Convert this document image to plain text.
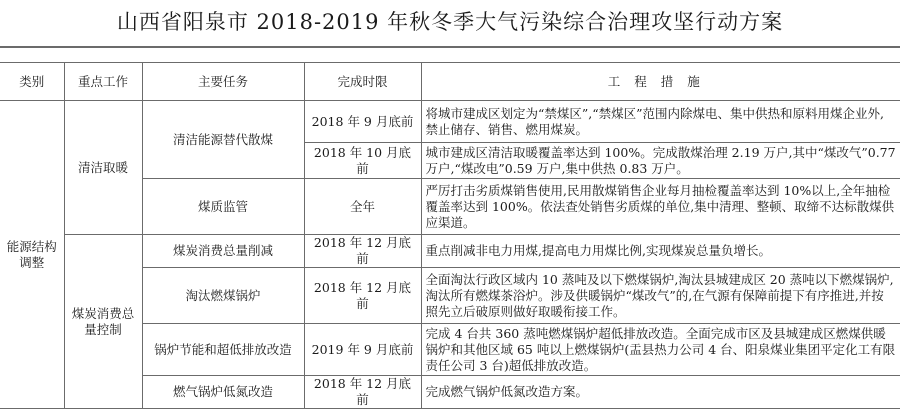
山西省阳泉市 2018-2019 年秋冬季大气污染综合治理攻坚行动方案
类别	重点工作	主要任务	完成时限	工程措施
能源结构调整	清洁取暖	清洁能源替代散煤	2018 年 9 月底前	将城市建成区划定为“禁煤区”,“禁煤区”范围内除煤电、集中供热和原料用煤企业外,禁止储存、销售、燃用煤炭。
			2018 年 10 月底前	城市建成区清洁取暖覆盖率达到 100%。完成散煤治理 2.19 万户,其中“煤改气”0.77 万户,“煤改电”0.59 万户,集中供热 0.83 万户。
		煤质监管	全年	严厉打击劣质煤销售使用,民用散煤销售企业每月抽检覆盖率达到 10%以上,全年抽检覆盖率达到 100%。依法查处销售劣质煤的单位,集中清理、整顿、取缔不达标散煤供应渠道。
	煤炭消费总量控制	煤炭消费总量削减	2018 年 12 月底前	重点削减非电力用煤,提高电力用煤比例,实现煤炭总量负增长。
		淘汰燃煤锅炉	2018 年 12 月底前	全面淘汰行政区域内 10 蒸吨及以下燃煤锅炉,淘汰县城建成区 20 蒸吨以下燃煤锅炉,淘汰所有燃煤茶浴炉。涉及供暖锅炉“煤改气”的,在气源有保障前提下有序推进,并按照先立后破原则做好取暖衔接工作。
		锅炉节能和超低排放改造	2019 年 9 月底前	完成 4 台共 360 蒸吨燃煤锅炉超低排放改造。全面完成市区及县城建成区燃煤供暖锅炉和其他区域 65 吨以上燃煤锅炉(盂县热力公司 4 台、阳泉煤业集团平定化工有限责任公司 3 台)超低排放改造。
		燃气锅炉低氮改造	2018 年 12 月底前	完成燃气锅炉低氮改造方案。
